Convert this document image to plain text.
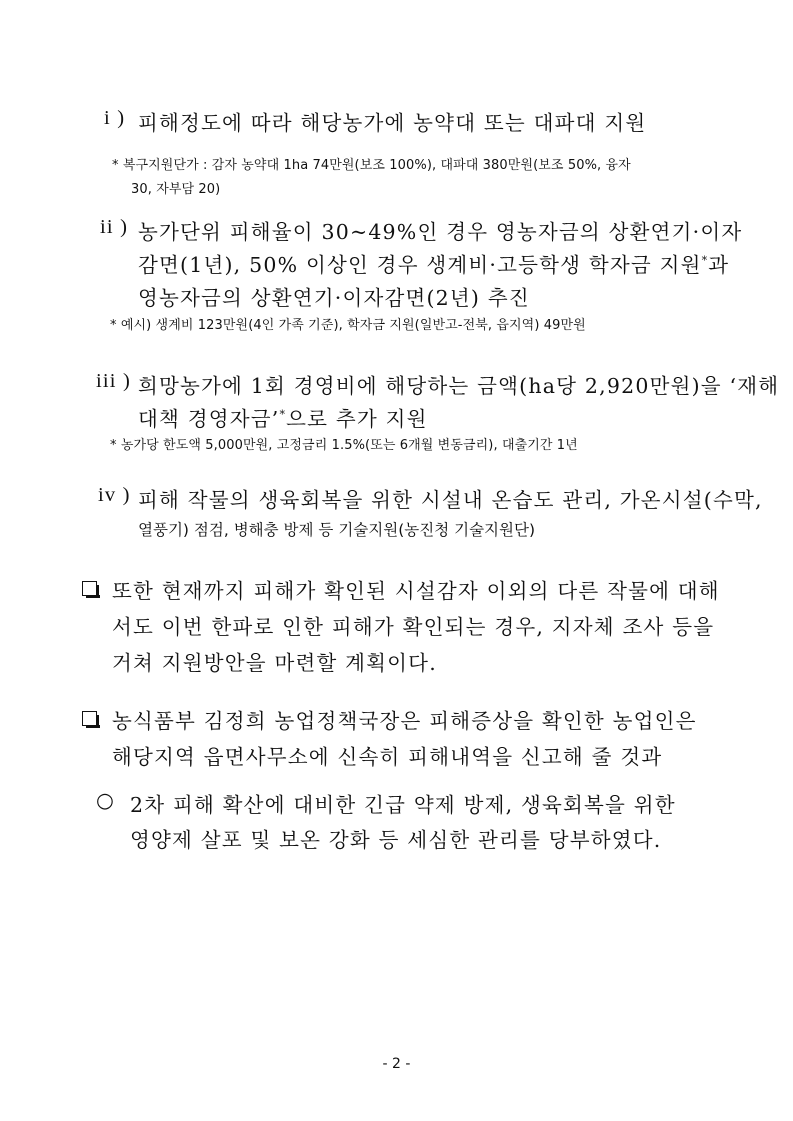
i ) 피해정도에 따라 해당농가에 농약대 또는 대파대 지원
* 복구지원단가 : 감자 농약대 1ha 74만원(보조 100%), 대파대 380만원(보조 50%, 융자
30, 자부담 20)
ii ) 농가단위 피해율이 30~49%인 경우 영농자금의 상환연기·이자
감면(1년), 50% 이상인 경우 생계비·고등학생 학자금 지원*과
영농자금의 상환연기·이자감면(2년) 추진
* 예시) 생계비 123만원(4인 가족 기준), 학자금 지원(일반고-전북, 읍지역) 49만원
iii ) 희망농가에 1회 경영비에 해당하는 금액(ha당 2,920만원)을 ‘재해
대책 경영자금’*으로 추가 지원
* 농가당 한도액 5,000만원, 고정금리 1.5%(또는 6개월 변동금리), 대출기간 1년
iv ) 피해 작물의 생육회복을 위한 시설내 온습도 관리, 가온시설(수막,
열풍기) 점검, 병해충 방제 등 기술지원(농진청 기술지원단)
또한 현재까지 피해가 확인된 시설감자 이외의 다른 작물에 대해
서도 이번 한파로 인한 피해가 확인되는 경우, 지자체 조사 등을
거쳐 지원방안을 마련할 계획이다.
농식품부 김정희 농업정책국장은 피해증상을 확인한 농업인은
해당지역 읍면사무소에 신속히 피해내역을 신고해 줄 것과
○ 2차 피해 확산에 대비한 긴급 약제 방제, 생육회복을 위한
영양제 살포 및 보온 강화 등 세심한 관리를 당부하였다.
- 2 -
